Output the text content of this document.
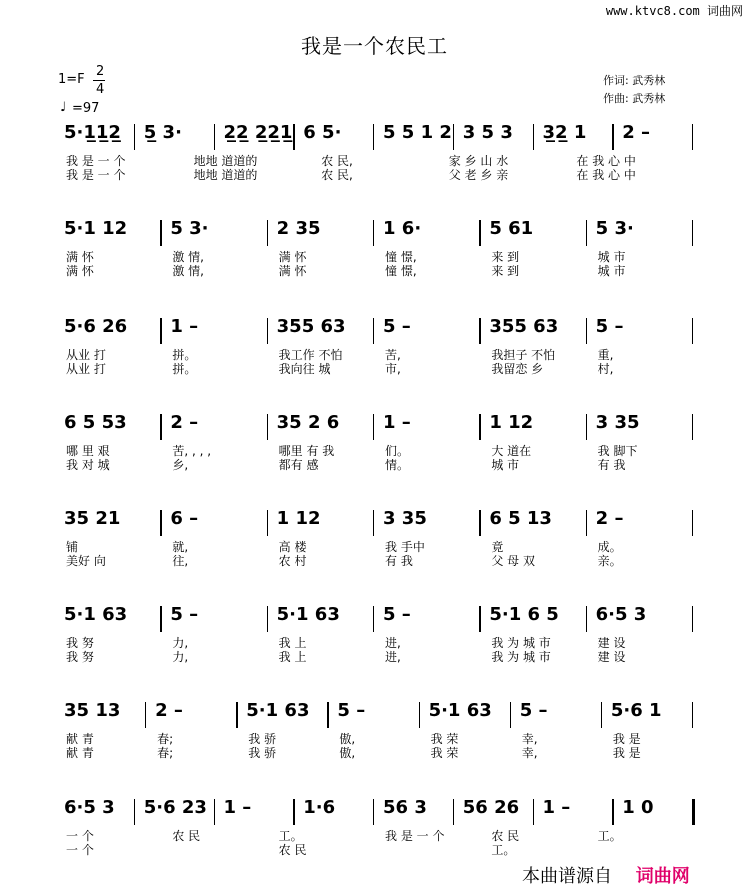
www.ktvc8.com 词曲网
我是一个农民工
1=F
2
4
♩ =97
作词: 武秀林
作曲: 武秀林
5·1̲1̲2̲ 5̲ 3· 2̲2̲ 2̲2̲1̲ 6 5· 5 5 1 2 3 5 3 3̲2̲ 1 2 –
我 是 一 个	地地 道道的	农 民,	家 乡 山 水	在 我 心 中
我 是 一 个	地地 道道的	农 民,	父 老 乡 亲	在 我 心 中
5·1 12 5 3·	2 35	1 6·	5 61	5 3·
满 怀	激 情,	满 怀	憧 憬,	来 到	城 市
满 怀	激 情,	满 怀	憧 憬,	来 到	城 市
5·6 26 1 –	355 63 5 –	355 63 5 –
从业 打	拼。	我工作 不怕	苦,	我担子 不怕	重,
从业 打	拼。	我向往 城	市,	我留恋 乡	村,
6 5 53 2 –	35 2 6 1 –	1 12	3 35
哪 里 艰	苦, , , ,	哪里 有 我	们。	大 道在	我 脚下
我 对 城	乡,	都有 感	情。	城 市	有 我
35 21	6 –	1 12	3 35	6 5 13 2 –
铺	就,	高 楼	我 手中	竟	成。
美好 向	往,	农 村	有 我	父 母 双	亲。
5·1 63 5 –	5·1 63 5 –	5·1 6 5 6·5 3
我 努	力,	我 上	进,	我 为 城 市	建 设
我 努	力,	我 上	进,	我 为 城 市	建 设
35 13 2 –	5·1 63 5 –	5·1 63 5 –	5·6 1
献 青	春;	我 骄	傲,	我 荣	幸,	我 是
献 青	春;	我 骄	傲,	我 荣	幸,	我 是
6·5 3 5·6 23 1 –	1·6	56 3 56 26 1 –	1 0
一 个	农 民	工。	我 是 一 个	农 民	工。
一 个	农 民	工。
本曲谱源自 词曲网
